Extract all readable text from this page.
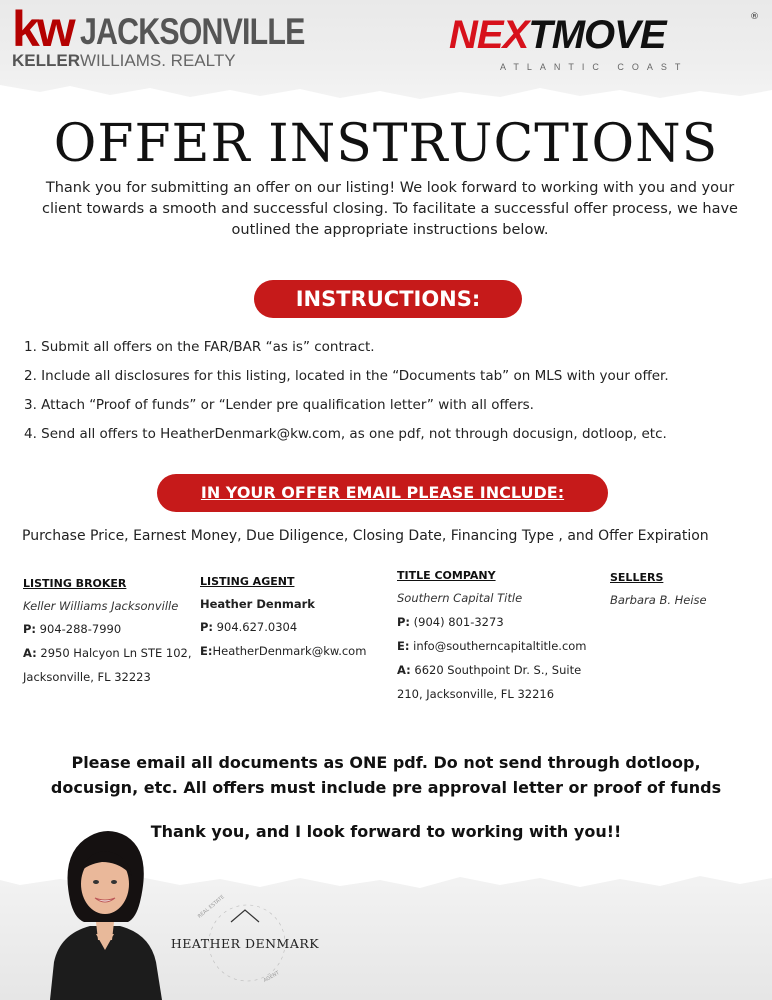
kw JACKSONVILLE
KELLERWILLIAMS. REALTY
NEXTMOVE	®
ATLANTIC COAST
OFFER INSTRUCTIONS
Thank you for submitting an offer on our listing! We look forward to working with you and your client towards a smooth and successful closing. To facilitate a successful offer process, we have outlined the appropriate instructions below.
INSTRUCTIONS:
1. Submit all offers on the FAR/BAR “as is” contract.
2. Include all disclosures for this listing, located in the “Documents tab” on MLS with your offer.
3. Attach “Proof of funds” or “Lender pre qualification letter” with all offers.
4. Send all offers to HeatherDenmark@kw.com, as one pdf, not through docusign, dotloop, etc.
IN YOUR OFFER EMAIL PLEASE INCLUDE:
Purchase Price, Earnest Money, Due Diligence, Closing Date, Financing Type , and Offer Expiration
LISTING BROKER
Keller Williams Jacksonville
P: 904-288-7990
A: 2950 Halcyon Ln STE 102,
Jacksonville, FL 32223
LISTING AGENT
Heather Denmark
P: 904.627.0304
E:HeatherDenmark@kw.com
TITLE COMPANY
Southern Capital Title
P: (904) 801-3273
E: info@southerncapitaltitle.com
A: 6620 Southpoint Dr. S., Suite
210, Jacksonville, FL 32216
SELLERS
Barbara B. Heise
Please email all documents as ONE pdf. Do not send through dotloop, docusign, etc. All offers must include pre approval letter or proof of funds
Thank you, and I look forward to working with you!!
HEATHER DENMARK
REAL ESTATE
AGENT
